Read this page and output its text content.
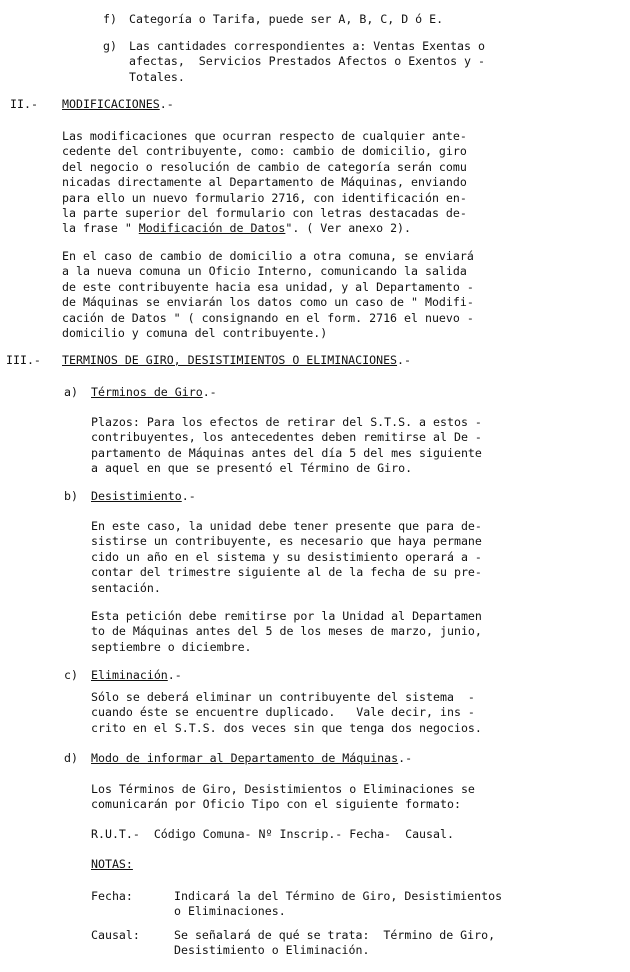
f) Categoría o Tarifa, puede ser A, B, C, D ó E.
g) Las cantidades correspondientes a: Ventas Exentas o
afectas,  Servicios Prestados Afectos o Exentos y -
Totales.
II.- MODIFICACIONES.-
Las modificaciones que ocurran respecto de cualquier ante-
cedente del contribuyente, como: cambio de domicilio, giro
del negocio o resolución de cambio de categoría serán comu
nicadas directamente al Departamento de Máquinas, enviando
para ello un nuevo formulario 2716, con identificación en-
la parte superior del formulario con letras destacadas de-
la frase " Modificación de Datos". ( Ver anexo 2).
En el caso de cambio de domicilio a otra comuna, se enviará
a la nueva comuna un Oficio Interno, comunicando la salida
de este contribuyente hacia esa unidad, y al Departamento -
de Máquinas se enviarán los datos como un caso de " Modifi-
cación de Datos " ( consignando en el form. 2716 el nuevo -
domicilio y comuna del contribuyente.)
III.- TERMINOS DE GIRO, DESISTIMIENTOS O ELIMINACIONES.-
a) Términos de Giro.-
Plazos: Para los efectos de retirar del S.T.S. a estos -
contribuyentes, los antecedentes deben remitirse al De -
partamento de Máquinas antes del día 5 del mes siguiente
a aquel en que se presentó el Término de Giro.
b) Desistimiento.-
En este caso, la unidad debe tener presente que para de-
sistirse un contribuyente, es necesario que haya permane
cido un año en el sistema y su desistimiento operará a -
contar del trimestre siguiente al de la fecha de su pre-
sentación.
Esta petición debe remitirse por la Unidad al Departamen
to de Máquinas antes del 5 de los meses de marzo, junio,
septiembre o diciembre.
c) Eliminación.-
Sólo se deberá eliminar un contribuyente del sistema  -
cuando éste se encuentre duplicado.   Vale decir, ins -
crito en el S.T.S. dos veces sin que tenga dos negocios.
d) Modo de informar al Departamento de Máquinas.-
Los Términos de Giro, Desistimientos o Eliminaciones se
comunicarán por Oficio Tipo con el siguiente formato:
R.U.T.-  Código Comuna- Nº Inscrip.- Fecha-  Causal.
NOTAS:
Fecha:	Indicará la del Término de Giro, Desistimientos
o Eliminaciones.
Causal:	Se señalará de qué se trata:  Término de Giro,
Desistimiento o Eliminación.
